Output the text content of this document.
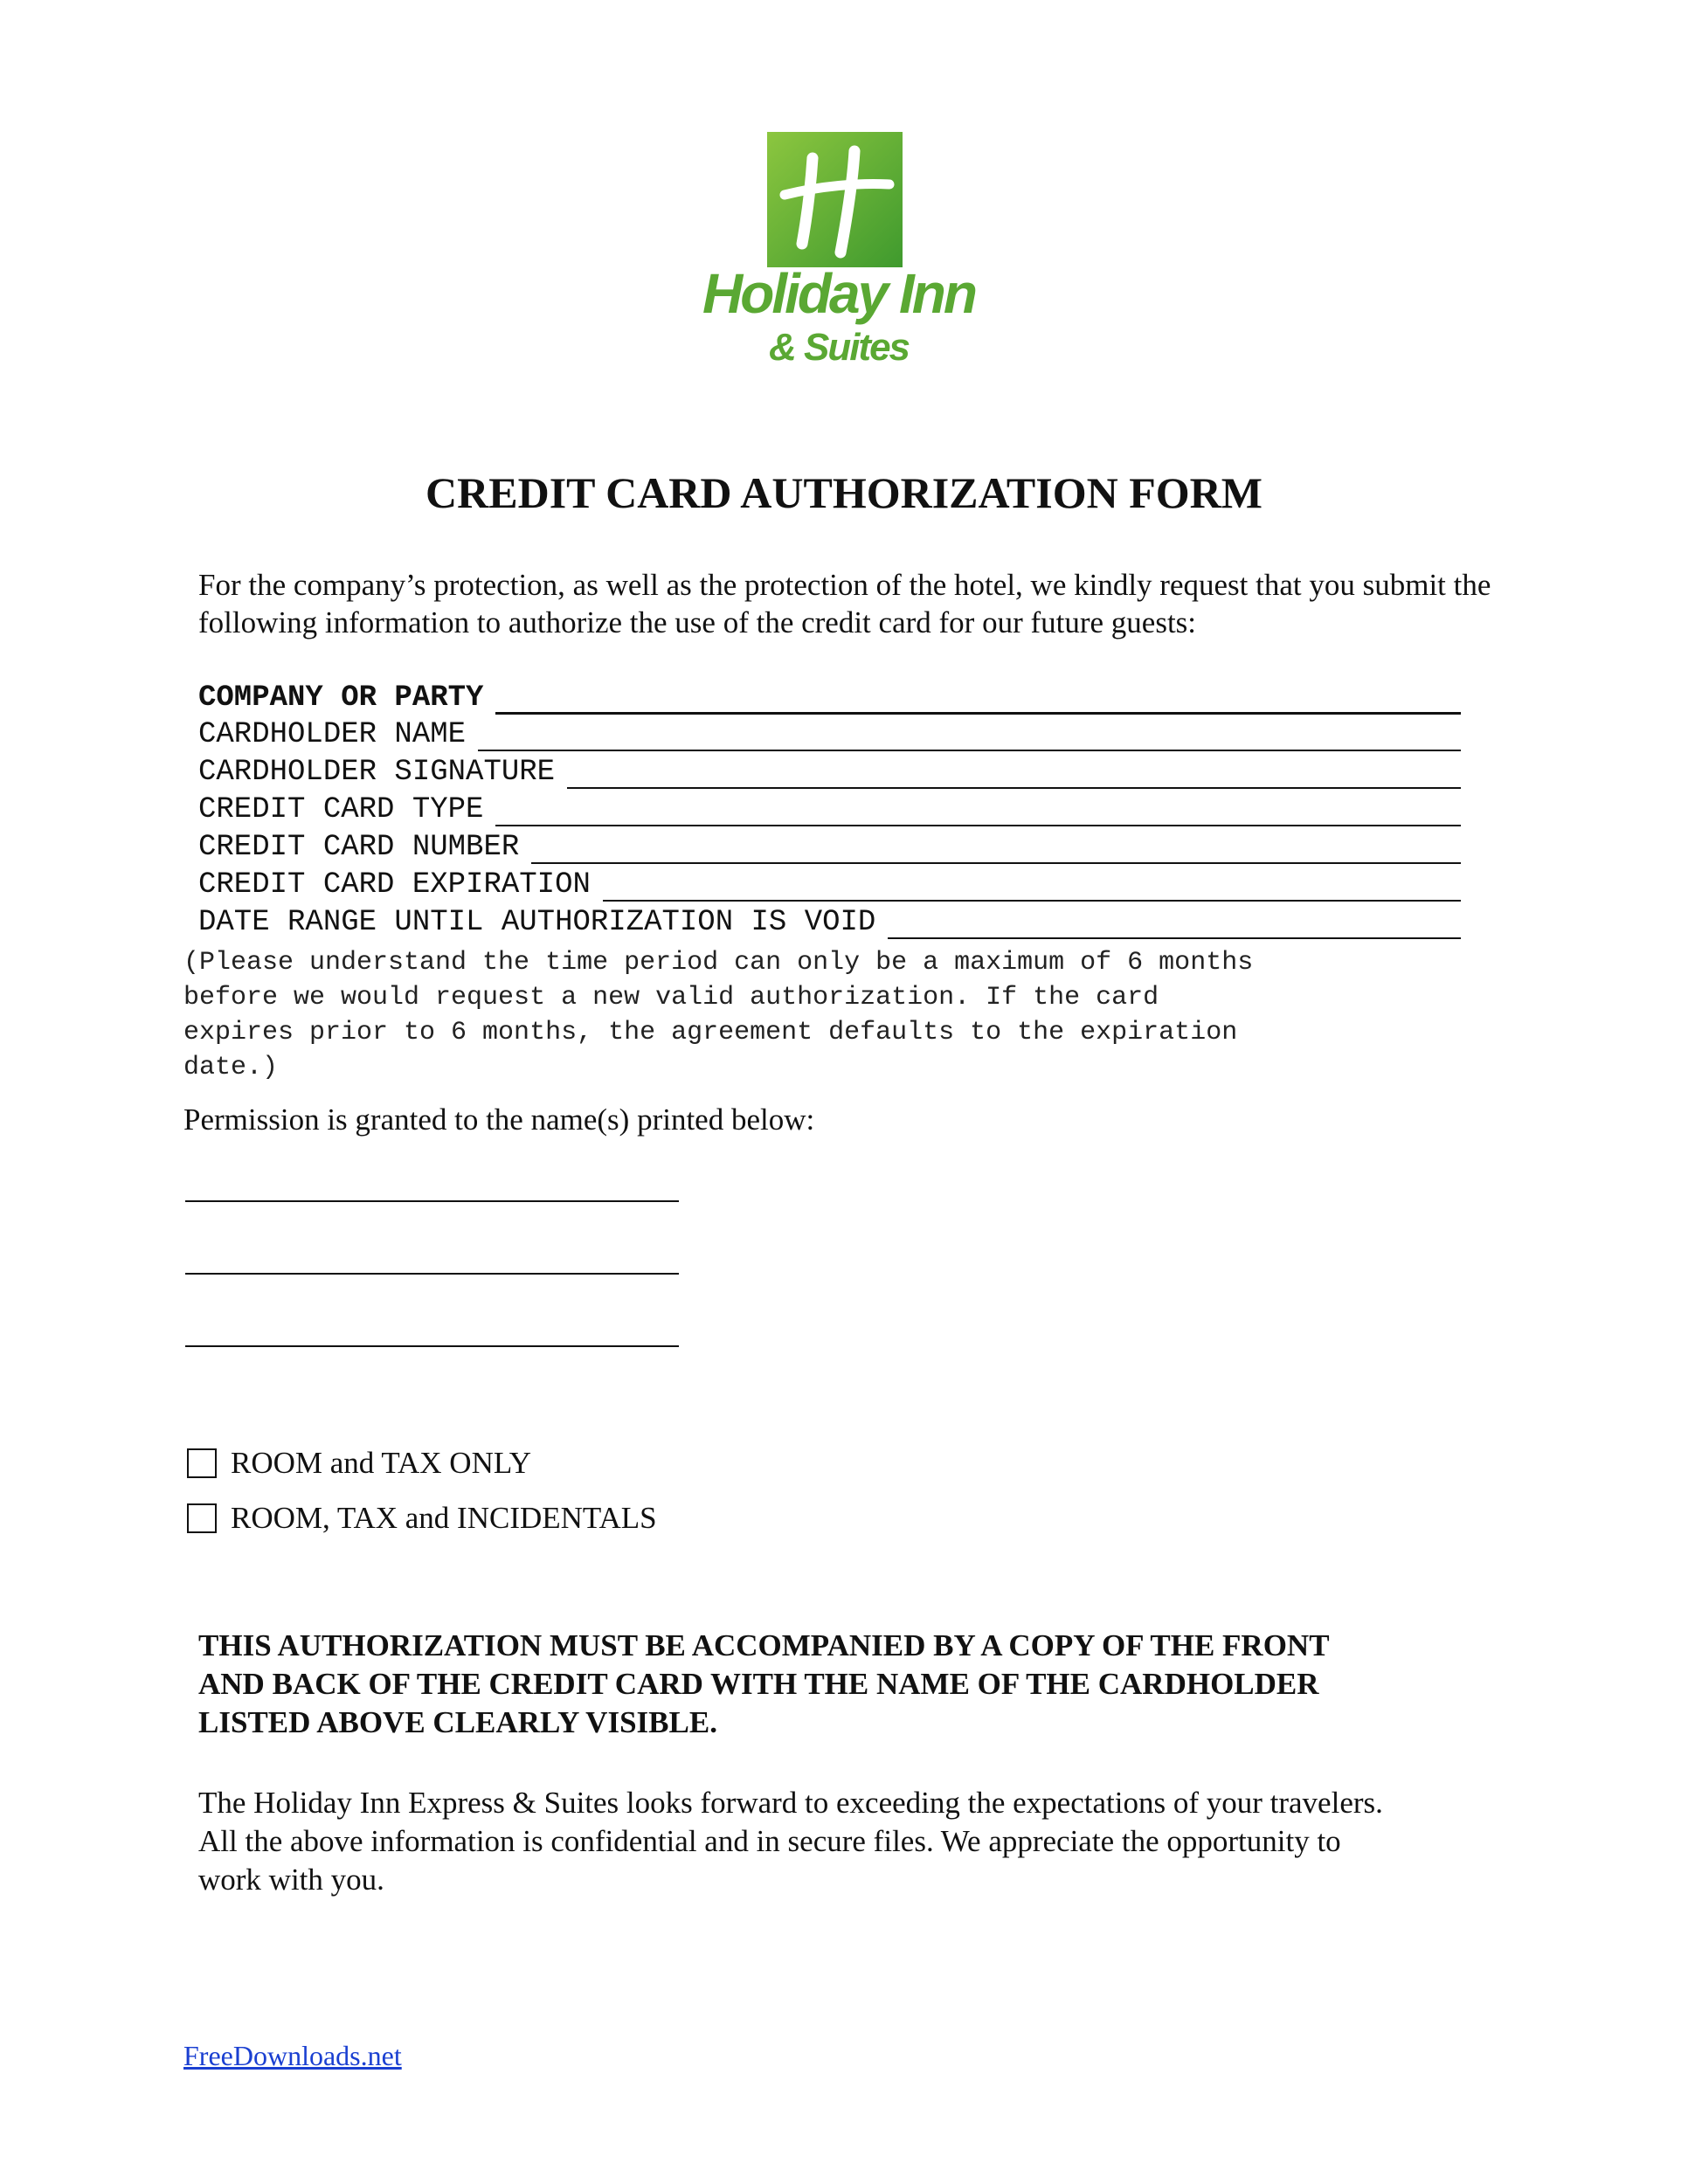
Holiday Inn
& Suites
CREDIT CARD AUTHORIZATION FORM
For the company’s protection, as well as the protection of the hotel, we kindly request that you submit the following information to authorize the use of the credit card for our future guests:
COMPANY OR PARTY
CARDHOLDER NAME
CARDHOLDER SIGNATURE
CREDIT CARD TYPE
CREDIT CARD NUMBER
CREDIT CARD EXPIRATION
DATE RANGE UNTIL AUTHORIZATION IS VOID
(Please understand the time period can only be a maximum of 6 months
before we would request a new valid authorization. If the card
expires prior to 6 months, the agreement defaults to the expiration
date.)
Permission is granted to the name(s) printed below:
ROOM and TAX ONLY
ROOM, TAX and INCIDENTALS
THIS AUTHORIZATION MUST BE ACCOMPANIED BY A COPY OF THE FRONT
AND BACK OF THE CREDIT CARD WITH THE NAME OF THE CARDHOLDER
LISTED ABOVE CLEARLY VISIBLE.
The Holiday Inn Express & Suites looks forward to exceeding the expectations of your travelers.
All the above information is confidential and in secure files. We appreciate the opportunity to
work with you.
FreeDownloads.net
